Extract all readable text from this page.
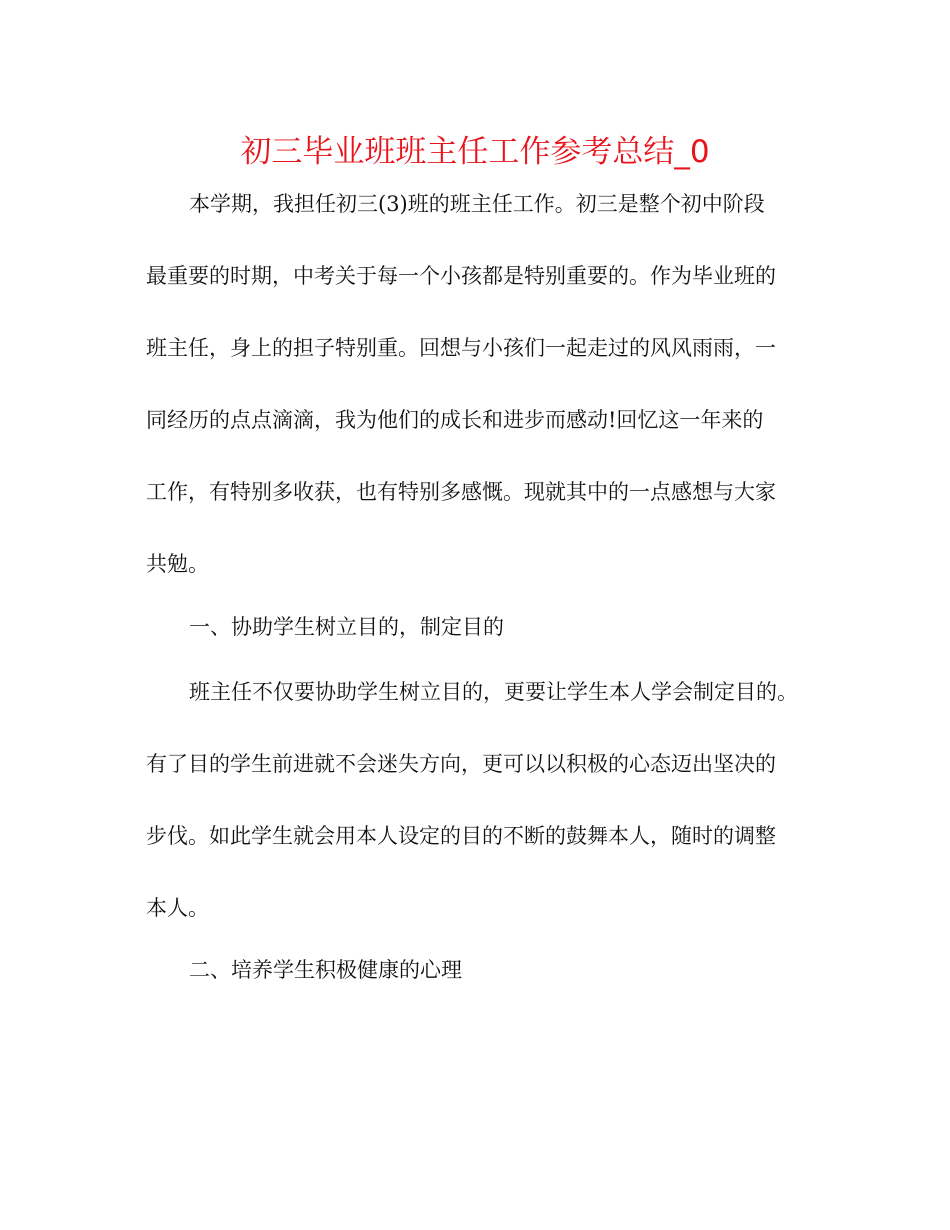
初三毕业班班主任工作参考总结_0

本学期，我担任初三(3)班的班主任工作。初三是整个初中阶段

最重要的时期，中考关于每一个小孩都是特别重要的。作为毕业班的

班主任，身上的担子特别重。回想与小孩们一起走过的风风雨雨，一

同经历的点点滴滴，我为他们的成长和进步而感动!回忆这一年来的

工作，有特别多收获，也有特别多感慨。现就其中的一点感想与大家

共勉。

一、协助学生树立目的，制定目的

班主任不仅要协助学生树立目的，更要让学生本人学会制定目的。

有了目的学生前进就不会迷失方向，更可以以积极的心态迈出坚决的

步伐。如此学生就会用本人设定的目的不断的鼓舞本人，随时的调整

本人。

二、培养学生积极健康的心理
